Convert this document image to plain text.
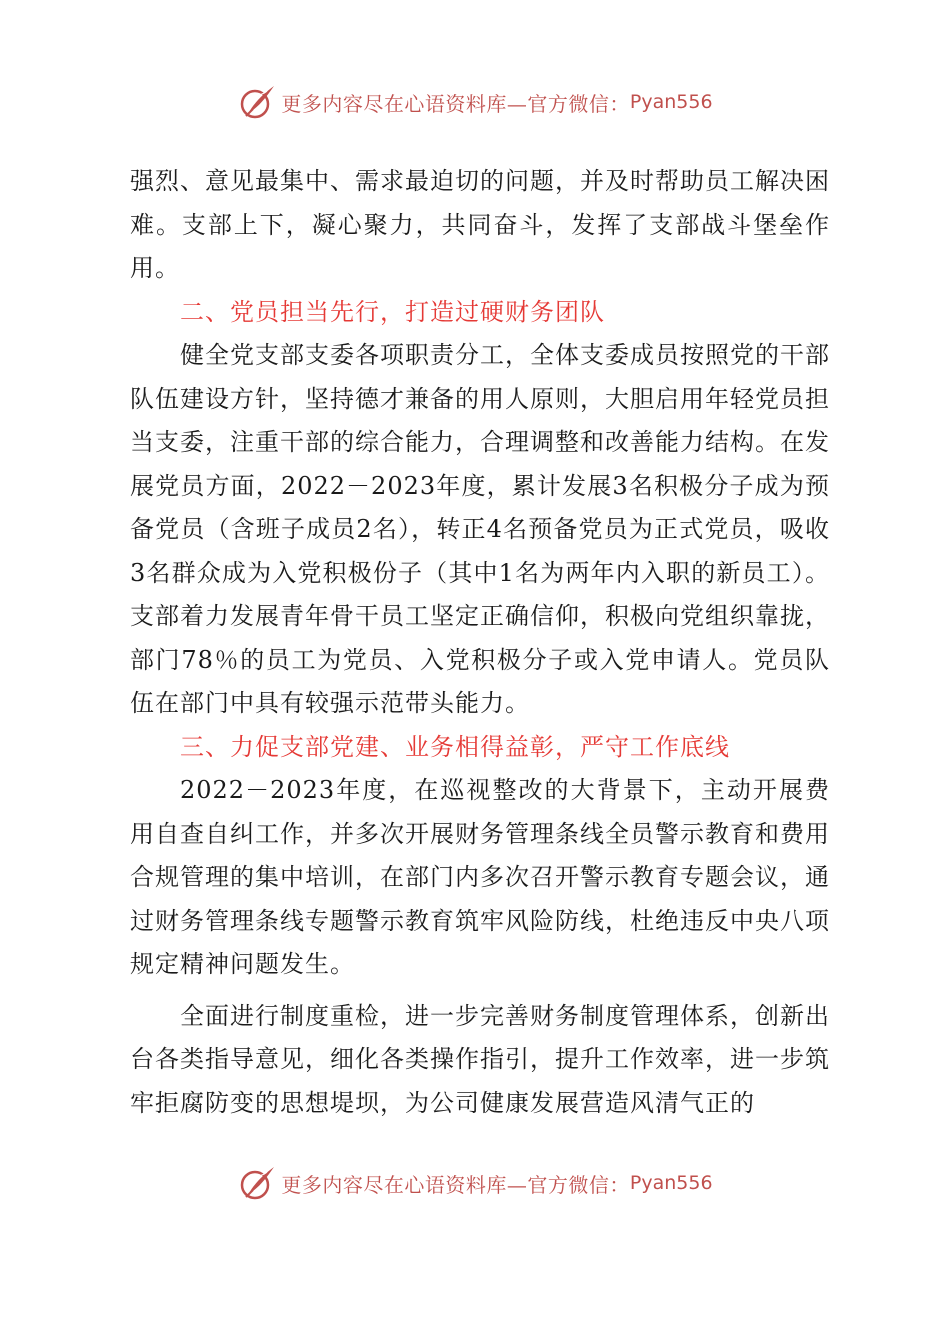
更多内容尽在心语资料库—官方微信： Pyan556

强烈、意见最集中、需求最迫切的问题，并及时帮助员工解决困难。支部上下，凝心聚力，共同奋斗，发挥了支部战斗堡垒作用。

二、党员担当先行，打造过硬财务团队

健全党支部支委各项职责分工，全体支委成员按照党的干部队伍建设方针，坚持德才兼备的用人原则，大胆启用年轻党员担当支委，注重干部的综合能力，合理调整和改善能力结构。在发展党员方面，2022－2023年度，累计发展3名积极分子成为预备党员（含班子成员2名），转正4名预备党员为正式党员，吸收3名群众成为入党积极份子（其中1名为两年内入职的新员工）。支部着力发展青年骨干员工坚定正确信仰，积极向党组织靠拢，部门78％的员工为党员、入党积极分子或入党申请人。党员队伍在部门中具有较强示范带头能力。

三、力促支部党建、业务相得益彰，严守工作底线

2022－2023年度，在巡视整改的大背景下，主动开展费用自查自纠工作，并多次开展财务管理条线全员警示教育和费用合规管理的集中培训，在部门内多次召开警示教育专题会议，通过财务管理条线专题警示教育筑牢风险防线，杜绝违反中央八项规定精神问题发生。

全面进行制度重检，进一步完善财务制度管理体系，创新出台各类指导意见，细化各类操作指引，提升工作效率，进一步筑牢拒腐防变的思想堤坝，为公司健康发展营造风清气正的

更多内容尽在心语资料库—官方微信： Pyan556
